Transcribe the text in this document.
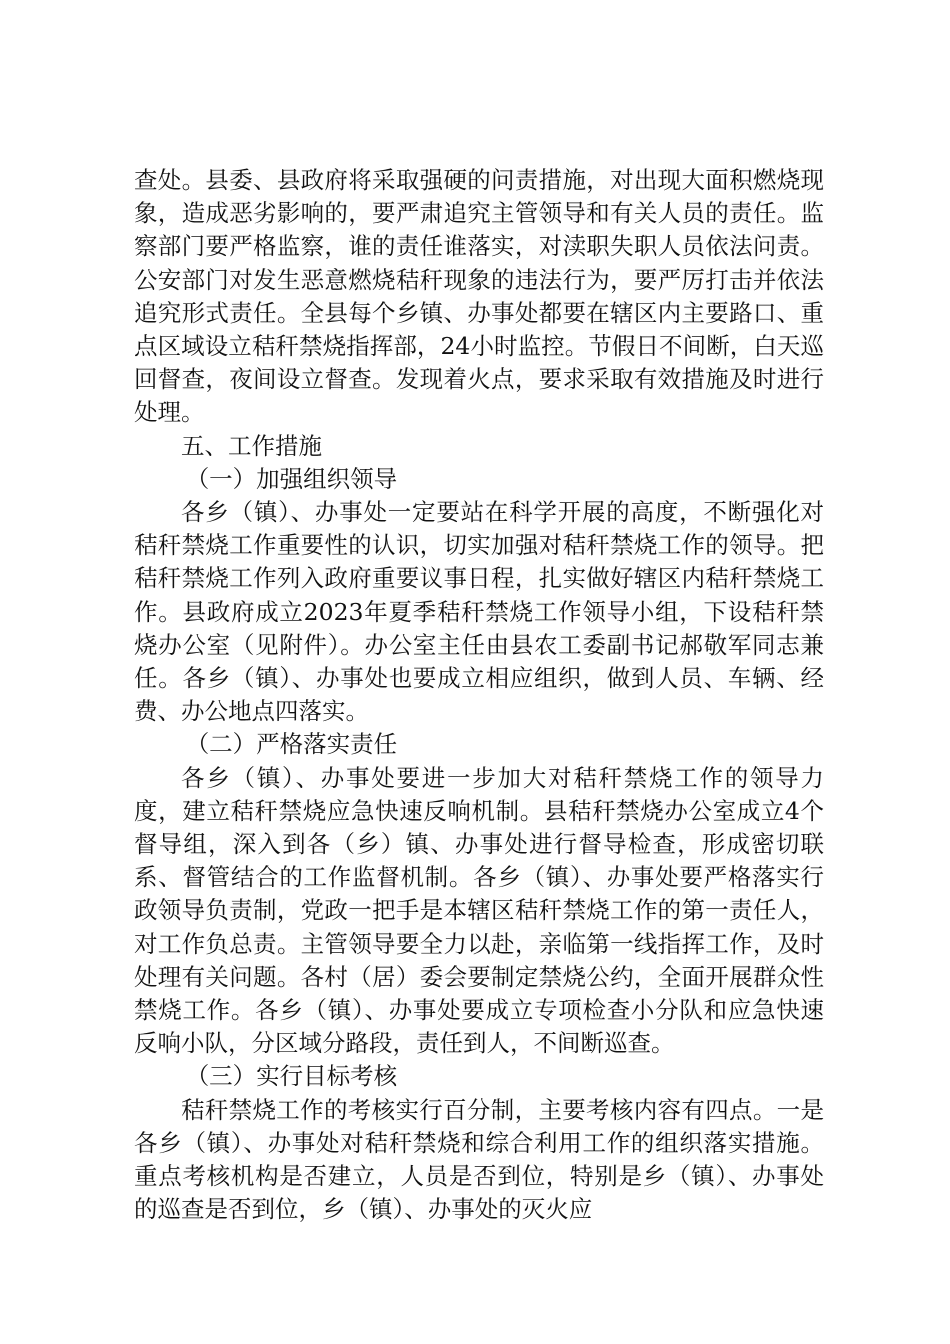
查处。县委、县政府将采取强硬的问责措施，对出现大面积燃烧现象，造成恶劣影响的，要严肃追究主管领导和有关人员的责任。监察部门要严格监察，谁的责任谁落实，对渎职失职人员依法问责。公安部门对发生恶意燃烧秸秆现象的违法行为，要严厉打击并依法追究形式责任。全县每个乡镇、办事处都要在辖区内主要路口、重点区域设立秸秆禁烧指挥部，24小时监控。节假日不间断，白天巡回督查，夜间设立督查。发现着火点，要求采取有效措施及时进行处理。

五、工作措施

（一）加强组织领导

各乡（镇）、办事处一定要站在科学开展的高度，不断强化对秸秆禁烧工作重要性的认识，切实加强对秸秆禁烧工作的领导。把秸秆禁烧工作列入政府重要议事日程，扎实做好辖区内秸秆禁烧工作。县政府成立2023年夏季秸秆禁烧工作领导小组，下设秸秆禁烧办公室（见附件）。办公室主任由县农工委副书记郝敬军同志兼任。各乡（镇）、办事处也要成立相应组织，做到人员、车辆、经费、办公地点四落实。

（二）严格落实责任

各乡（镇）、办事处要进一步加大对秸秆禁烧工作的领导力度，建立秸秆禁烧应急快速反响机制。县秸秆禁烧办公室成立4个督导组，深入到各（乡）镇、办事处进行督导检查，形成密切联系、督管结合的工作监督机制。各乡（镇）、办事处要严格落实行政领导负责制，党政一把手是本辖区秸秆禁烧工作的第一责任人，对工作负总责。主管领导要全力以赴，亲临第一线指挥工作，及时处理有关问题。各村（居）委会要制定禁烧公约，全面开展群众性禁烧工作。各乡（镇）、办事处要成立专项检查小分队和应急快速反响小队，分区域分路段，责任到人，不间断巡查。

（三）实行目标考核

秸秆禁烧工作的考核实行百分制，主要考核内容有四点。一是各乡（镇）、办事处对秸秆禁烧和综合利用工作的组织落实措施。重点考核机构是否建立，人员是否到位，特别是乡（镇）、办事处的巡查是否到位，乡（镇）、办事处的灭火应
